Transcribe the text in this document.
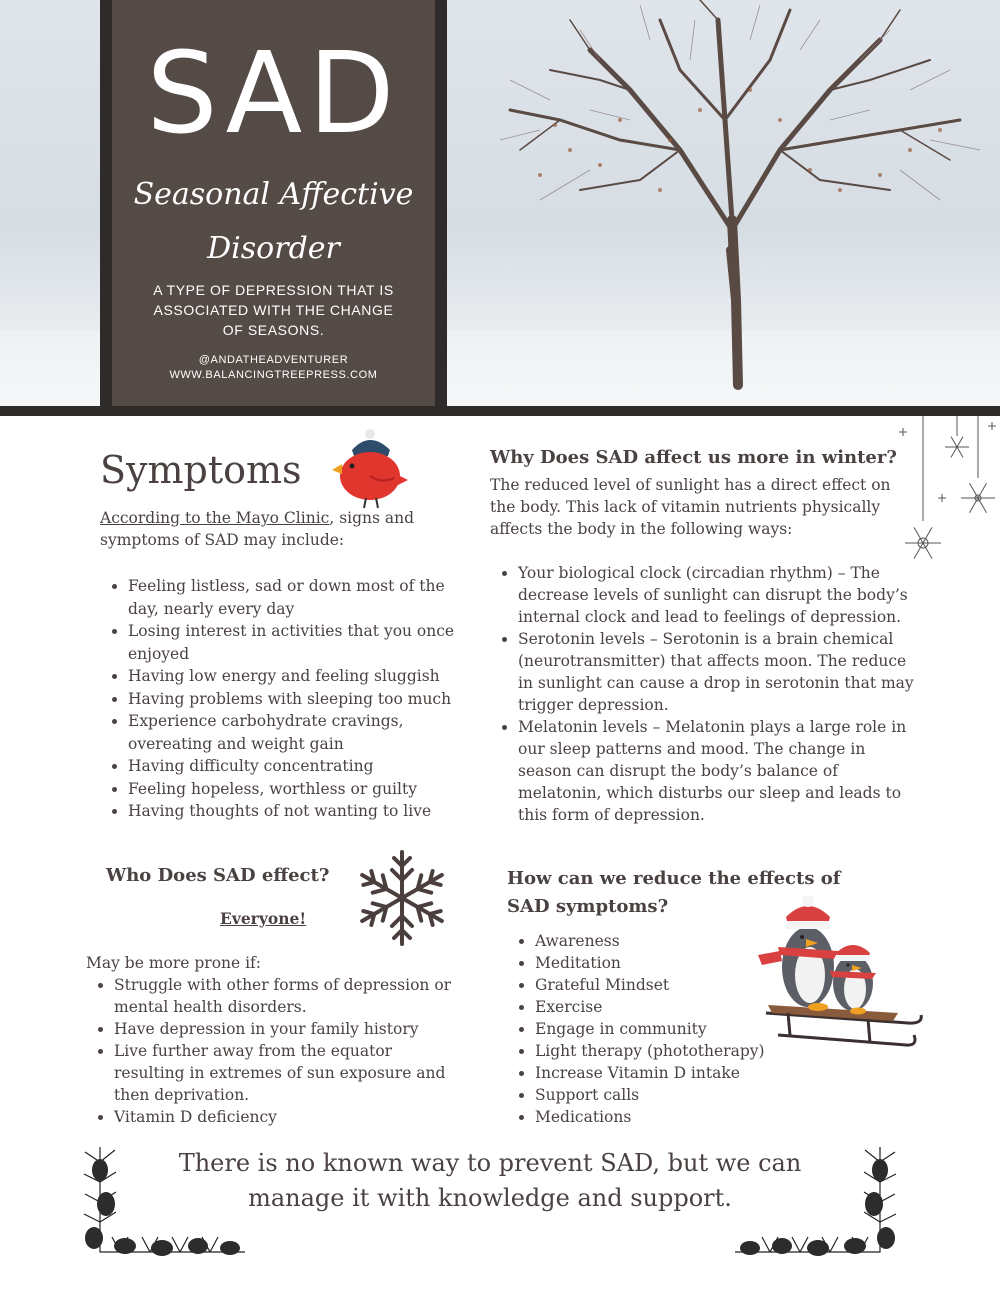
SAD
Seasonal Affective
Disorder
A TYPE OF DEPRESSION THAT IS ASSOCIATED WITH THE CHANGE OF SEASONS.
@ANDATHEADVENTURER
WWW.BALANCINGTREEPRESS.COM
Symptoms

According to the Mayo Clinic, signs and symptoms of SAD may include:

• Feeling listless, sad or down most of the day, nearly every day
• Losing interest in activities that you once enjoyed
• Having low energy and feeling sluggish
• Having problems with sleeping too much
• Experience carbohydrate cravings, overeating and weight gain
• Having difficulty concentrating
• Feeling hopeless, worthless or guilty
• Having thoughts of not wanting to live
Why Does SAD affect us more in winter?

The reduced level of sunlight has a direct effect on the body. This lack of vitamin nutrients physically affects the body in the following ways:

• Your biological clock (circadian rhythm) – The decrease levels of sunlight can disrupt the body’s internal clock and lead to feelings of depression.
• Serotonin levels – Serotonin is a brain chemical (neurotransmitter) that affects moon. The reduce in sunlight can cause a drop in serotonin that may trigger depression.
• Melatonin levels – Melatonin plays a large role in our sleep patterns and mood. The change in season can disrupt the body’s balance of melatonin, which disturbs our sleep and leads to this form of depression.
Who Does SAD effect?
Everyone!

May be more prone if:

• Struggle with other forms of depression or mental health disorders.
• Have depression in your family history
• Live further away from the equator resulting in extremes of sun exposure and then deprivation.
• Vitamin D deficiency
How can we reduce the effects of
SAD symptoms?
• Awareness
• Meditation
• Grateful Mindset
• Exercise
• Engage in community
• Light therapy (phototherapy)
• Increase Vitamin D intake
• Support calls
• Medications

There is no known way to prevent SAD, but we can manage it with knowledge and support.
